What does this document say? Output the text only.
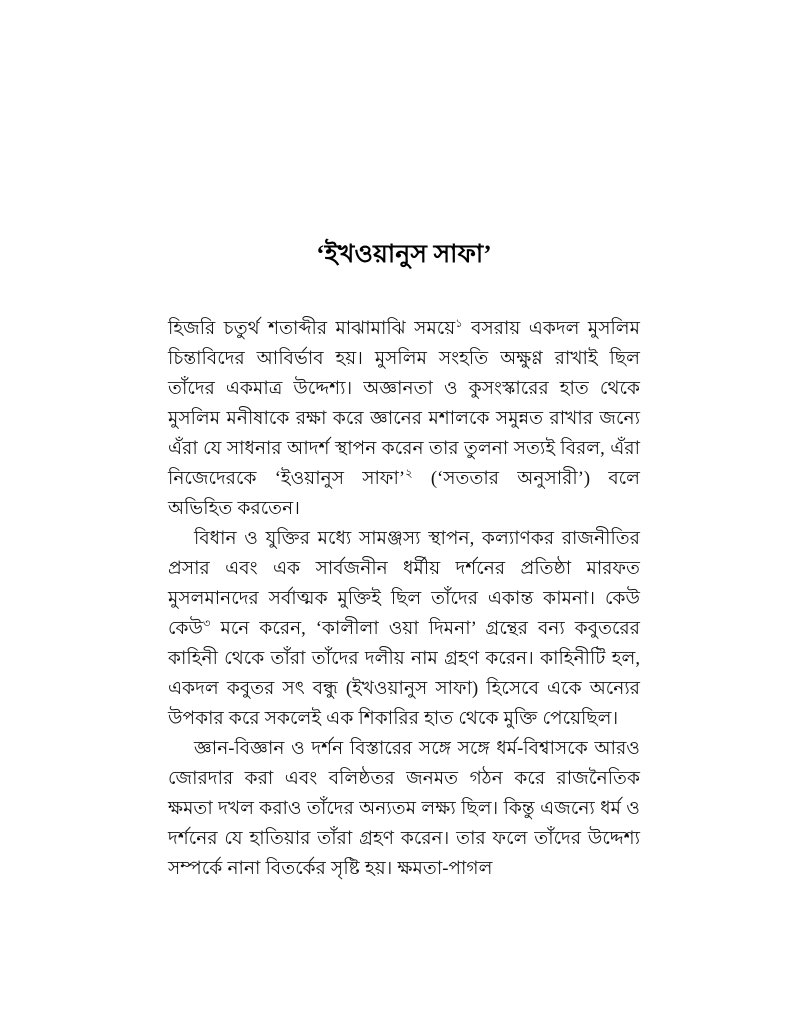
‘ইখওয়ানুস সাফা’

হিজরি চতুর্থ শতাব্দীর মাঝামাঝি সময়ে$^১$ বসরায় একদল মুসলিম চিন্তাবিদের আবির্ভাব হয়। মুসলিম সংহতি অক্ষুণ্ণ রাখাই ছিল তাঁদের একমাত্র উদ্দেশ্য। অজ্ঞানতা ও কুসংস্কারের হাত থেকে মুসলিম মনীষাকে রক্ষা করে জ্ঞানের মশালকে সমুন্নত রাখার জন্যে এঁরা যে সাধনার আদর্শ স্থাপন করেন তার তুলনা সত্যই বিরল, এঁরা নিজেদেরকে ‘ইওয়ানুস সাফা’$^২$ (‘সততার অনুসারী’) বলে অভিহিত করতেন।

বিধান ও যুক্তির মধ্যে সামঞ্জস্য স্থাপন, কল্যাণকর রাজনীতির প্রসার এবং এক সার্বজনীন ধর্মীয় দর্শনের প্রতিষ্ঠা মারফত মুসলমানদের সর্বাত্মক মুক্তিই ছিল তাঁদের একান্ত কামনা। কেউ কেউ$^৩$ মনে করেন, ‘কালীলা ওয়া দিমনা’ গ্রন্থের বন্য কবুতরের কাহিনী থেকে তাঁরা তাঁদের দলীয় নাম গ্রহণ করেন। কাহিনীটি হল, একদল কবুতর সৎ বন্ধু (ইখওয়ানুস সাফা) হিসেবে একে অন্যের উপকার করে সকলেই এক শিকারির হাত থেকে মুক্তি পেয়েছিল।

জ্ঞান-বিজ্ঞান ও দর্শন বিস্তারের সঙ্গে সঙ্গে ধর্ম-বিশ্বাসকে আরও জোরদার করা এবং বলিষ্ঠতর জনমত গঠন করে রাজনৈতিক ক্ষমতা দখল করাও তাঁদের অন্যতম লক্ষ্য ছিল। কিন্তু এজন্যে ধর্ম ও দর্শনের যে হাতিয়ার তাঁরা গ্রহণ করেন। তার ফলে তাঁদের উদ্দেশ্য সম্পর্কে নানা বিতর্কের সৃষ্টি হয়। ক্ষমতা-পাগল
